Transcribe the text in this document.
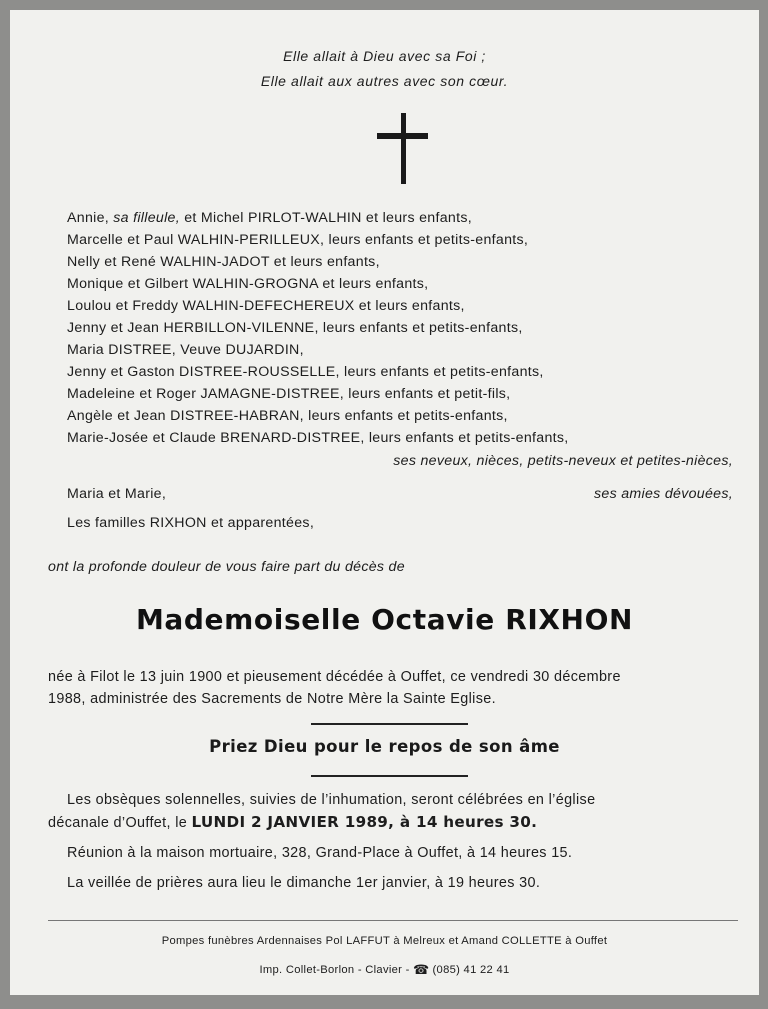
Elle allait à Dieu avec sa Foi ;
Elle allait aux autres avec son cœur.
Annie, sa filleule, et Michel PIRLOT-WALHIN et leurs enfants,
Marcelle et Paul WALHIN-PERILLEUX, leurs enfants et petits-enfants,
Nelly et René WALHIN-JADOT et leurs enfants,
Monique et Gilbert WALHIN-GROGNA et leurs enfants,
Loulou et Freddy WALHIN-DEFECHEREUX et leurs enfants,
Jenny et Jean HERBILLON-VILENNE, leurs enfants et petits-enfants,
Maria DISTREE, Veuve DUJARDIN,
Jenny et Gaston DISTREE-ROUSSELLE, leurs enfants et petits-enfants,
Madeleine et Roger JAMAGNE-DISTREE, leurs enfants et petit-fils,
Angèle et Jean DISTREE-HABRAN, leurs enfants et petits-enfants,
Marie-Josée et Claude BRENARD-DISTREE, leurs enfants et petits-enfants,
ses neveux, nièces, petits-neveux et petites-nièces,
Maria et Marie,	ses amies dévouées,
Les familles RIXHON et apparentées,
ont la profonde douleur de vous faire part du décès de
Mademoiselle Octavie RIXHON
née à Filot le 13 juin 1900 et pieusement décédée à Ouffet, ce vendredi 30 décembre
1988, administrée des Sacrements de Notre Mère la Sainte Eglise.
Priez Dieu pour le repos de son âme
Les obsèques solennelles, suivies de l’inhumation, seront célébrées en l’église
décanale d’Ouffet, le LUNDI 2 JANVIER 1989, à 14 heures 30.
Réunion à la maison mortuaire, 328, Grand-Place à Ouffet, à 14 heures 15.
La veillée de prières aura lieu le dimanche 1er janvier, à 19 heures 30.
Pompes funèbres Ardennaises Pol LAFFUT à Melreux et Amand COLLETTE à Ouffet
Imp. Collet-Borlon - Clavier - ☎ (085) 41 22 41
